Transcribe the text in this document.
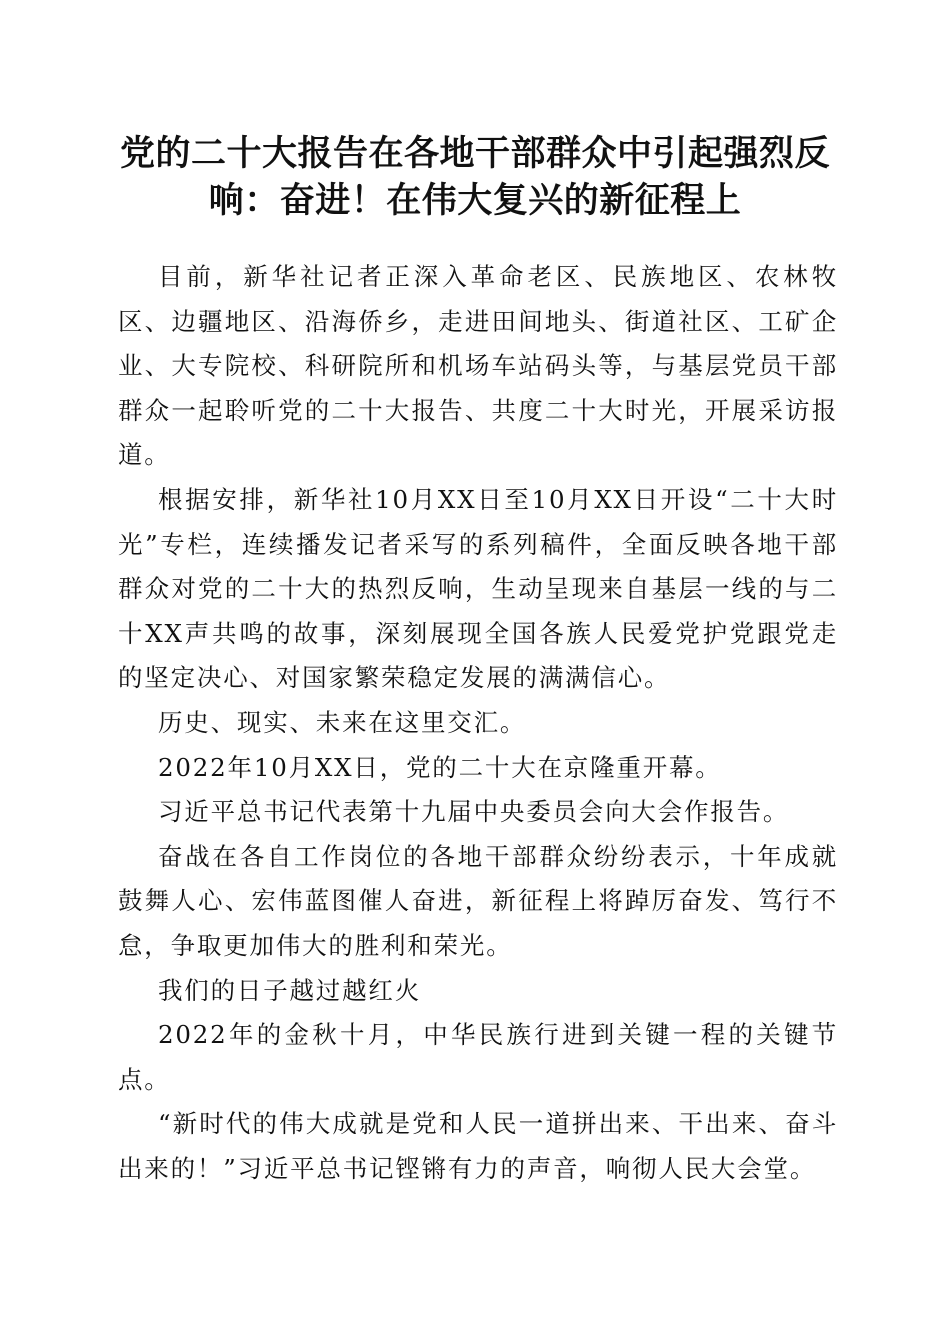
党的二十大报告在各地干部群众中引起强烈反响：奋进！在伟大复兴的新征程上

目前，新华社记者正深入革命老区、民族地区、农林牧区、边疆地区、沿海侨乡，走进田间地头、街道社区、工矿企业、大专院校、科研院所和机场车站码头等，与基层党员干部群众一起聆听党的二十大报告、共度二十大时光，开展采访报道。

根据安排，新华社10月XX日至10月XX日开设“二十大时光”专栏，连续播发记者采写的系列稿件，全面反映各地干部群众对党的二十大的热烈反响，生动呈现来自基层一线的与二十XX声共鸣的故事，深刻展现全国各族人民爱党护党跟党走的坚定决心、对国家繁荣稳定发展的满满信心。

历史、现实、未来在这里交汇。

2022年10月XX日，党的二十大在京隆重开幕。

习近平总书记代表第十九届中央委员会向大会作报告。

奋战在各自工作岗位的各地干部群众纷纷表示，十年成就鼓舞人心、宏伟蓝图催人奋进，新征程上将踔厉奋发、笃行不怠，争取更加伟大的胜利和荣光。

我们的日子越过越红火

2022年的金秋十月，中华民族行进到关键一程的关键节点。

“新时代的伟大成就是党和人民一道拼出来、干出来、奋斗出来的！”习近平总书记铿锵有力的声音，响彻人民大会堂。
